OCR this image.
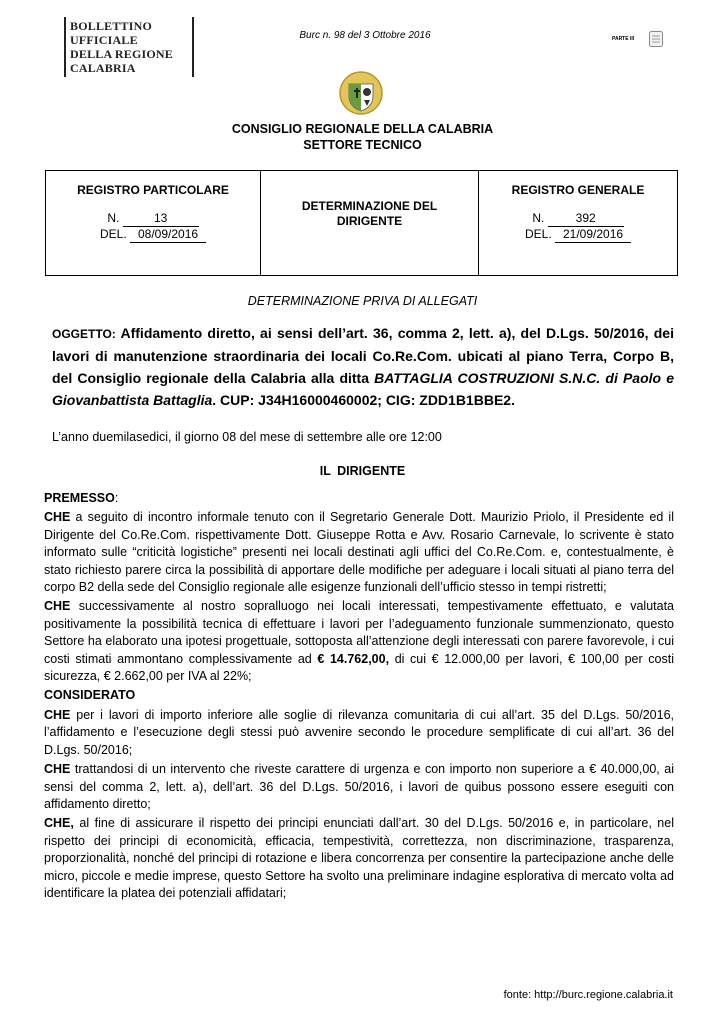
BOLLETTINO UFFICIALE
DELLA REGIONE CALABRIA
Burc n. 98 del 3 Ottobre 2016	PARTE III
CONSIGLIO REGIONALE DELLA CALABRIA
SETTORE TECNICO
REGISTRO PARTICOLARE
N.	13
DEL. 08/09/2016
DETERMINAZIONE DEL
DIRIGENTE
REGISTRO GENERALE
N.	392
DEL. 21/09/2016
DETERMINAZIONE PRIVA DI ALLEGATI
OGGETTO: Affidamento diretto, ai sensi dell’art. 36, comma 2, lett. a), del D.Lgs. 50/2016, dei lavori di manutenzione straordinaria dei locali Co.Re.Com. ubicati al piano Terra, Corpo B, del Consiglio regionale della Calabria alla ditta BATTAGLIA COSTRUZIONI S.N.C. di Paolo e Giovanbattista Battaglia. CUP: J34H16000460002; CIG: ZDD1B1BBE2.
L’anno duemilasedici, il giorno 08 del mese di settembre alle ore 12:00
IL DIRIGENTE

PREMESSO:

CHE a seguito di incontro informale tenuto con il Segretario Generale Dott. Maurizio Priolo, il Presidente ed il Dirigente del Co.Re.Com. rispettivamente Dott. Giuseppe Rotta e Avv. Rosario Carnevale, lo scrivente è stato informato sulle “criticità logistiche” presenti nei locali destinati agli uffici del Co.Re.Com. e, contestualmente, è stato richiesto parere circa la possibilità di apportare delle modifiche per adeguare i locali situati al piano terra del corpo B2 della sede del Consiglio regionale alle esigenze funzionali dell’ufficio stesso in tempi ristretti;

CHE successivamente al nostro sopralluogo nei locali interessati, tempestivamente effettuato, e valutata positivamente la possibilità tecnica di effettuare i lavori per l’adeguamento funzionale summenzionato, questo Settore ha elaborato una ipotesi progettuale, sottoposta all’attenzione degli interessati con parere favorevole, i cui costi stimati ammontano complessivamente ad € 14.762,00, di cui € 12.000,00 per lavori, € 100,00 per costi sicurezza, € 2.662,00 per IVA al 22%;

CONSIDERATO

CHE per i lavori di importo inferiore alle soglie di rilevanza comunitaria di cui all’art. 35 del D.Lgs. 50/2016, l’affidamento e l’esecuzione degli stessi può avvenire secondo le procedure semplificate di cui all’art. 36 del D.Lgs. 50/2016;

CHE trattandosi di un intervento che riveste carattere di urgenza e con importo non superiore a € 40.000,00, ai sensi del comma 2, lett. a), dell’art. 36 del D.Lgs. 50/2016, i lavori de quibus possono essere eseguiti con affidamento diretto;

CHE, al fine di assicurare il rispetto dei principi enunciati dall’art. 30 del D.Lgs. 50/2016 e, in particolare, nel rispetto dei principi di economicità, efficacia, tempestività, correttezza, non discriminazione, trasparenza, proporzionalità, nonché del principi di rotazione e libera concorrenza per consentire la partecipazione anche delle micro, piccole e medie imprese, questo Settore ha svolto una preliminare indagine esplorativa di mercato volta ad identificare la platea dei potenziali affidatari;

fonte: http://burc.regione.calabria.it
